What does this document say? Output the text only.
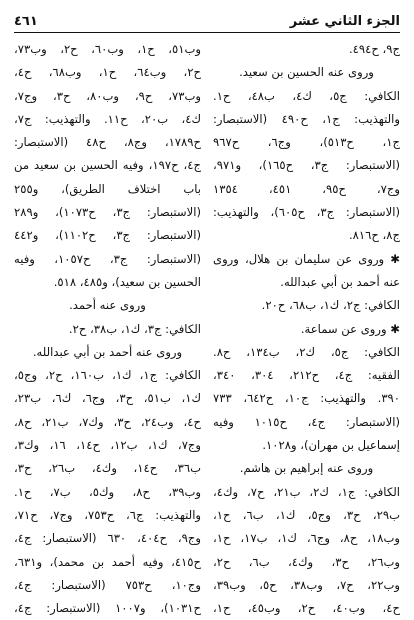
٤٦١	الجزء الثاني عشر
ج٩، ح٤٩٤.
وروى عنه الحسين بن سعيد.
الكافي: ج٥، ك٤، ب٤٨، ح١.
والتهذيب: ج١، ح٤٩٠ (الاستبصار:
ج١، ح٥١٣)، وج٦، ح٩٦٧
(الاستبصار: ج٣، ح١٦٥)، و٩٧١،
وج٧، ح٩٥، ٤٥١، ١٣٥٤
(الاستبصار: ج٣، ح٦٠٥)، والتهذيب:
ج٨، ح٨١٦.
✱ وروى عن سليمان بن هلال، وروى
عنه أحمد بن أبي عبدالله.
الكافي: ج٢، ك١، ب٦٨، ح٢٠.
✱ وروى عن سماعة.
الكافي: ج٥، ك٢، ب١٣٤، ح٨.
الفقيه: ج٤، ح٢١٢، ٣٠٤، ٣٤٠،
٣٩٠. والتهذيب: ج١٠، ح٦٤٢، ٧٣٣
(الاستبصار: ج٤، ح١٠١٥ وفيه
إسماعيل بن مهران)، و١٠٢٨.
وروى عنه إبراهيم بن هاشم.
الكافي: ج١، ك٢، ب٢١، ح٧، وك٤،
ب٢٩، ح٣، وج٥، ك١، ب٦، ح١،
وب١٨، ح٨، وج٦، ك١، ب١٧، ح١،
وب٢٦، ح٣، وك٤، ب٦، ح٢،
وب٢٢، ح٧، وب٣٨، ح٥، وب٣٩،
ح٤، وب٤٠، ح٢، وب٤٥، ح١،
وب٥١، ح١، وب٦٠، ح٢، وب٧٣،
ح٢، وب٦٤، ح١، وب٦٨، ح٤،
وب٧٣، ح٩، وب٨٠، ح٣، وج٧،
ك٤، ب٢٠، ح١١. والتهذيب: ج٧،
ح١٧٨٩، وج٨، ح٤٨ (الاستبصار:
ج٤، ح١٩٧، وفيه الحسين بن سعيد من
باب اختلاف الطريق)، و٢٥٥
(الاستبصار: ج٣، ح١٠٧٣)، و٢٨٩
(الاستبصار: ج٣، ح١١٠٢)، و٤٤٢
(الاستبصار: ج٣، ح١٠٥٧، وفيه
الحسين بن سعيد)، و٤٨٥، ٥١٨.
وروى عنه أحمد.
الكافي: ج٣، ك١، ب٣٨، ح٢.
وروى عنه أحمد بن أبي عبدالله.
الكافي: ج١، ك١، ب١٦٠، ح٢، وج٥،
ك١، ب٥١، ح٣، وج٦، ك٦، ب٢٣،
ح٤، وب٢٤، ح٣، وك٧، ب٢١، ح٨،
وج٧، ك١، ب١٢، ح١٤، ١٦، وك٣،
ب٣٦، ح١٤، وك٤، ب٢٦، ح٣،
وب٣٩، ح٨، وك٥، ب٧، ح١.
والتهذيب: ج٦، ح٧٥٣، وج٧، ح٧١،
وج٩، ح٤٠٤، ٦٣٠ (الاستبصار: ج٤،
ح٤١٥، وفيه أحمد بن محمد)، و٦٣١،
وج١٠، ح٧٥٣ (الاستبصار: ج٤،
ح١٠٣١)، و١٠٠٧ (الاستبصار: ج٤،
